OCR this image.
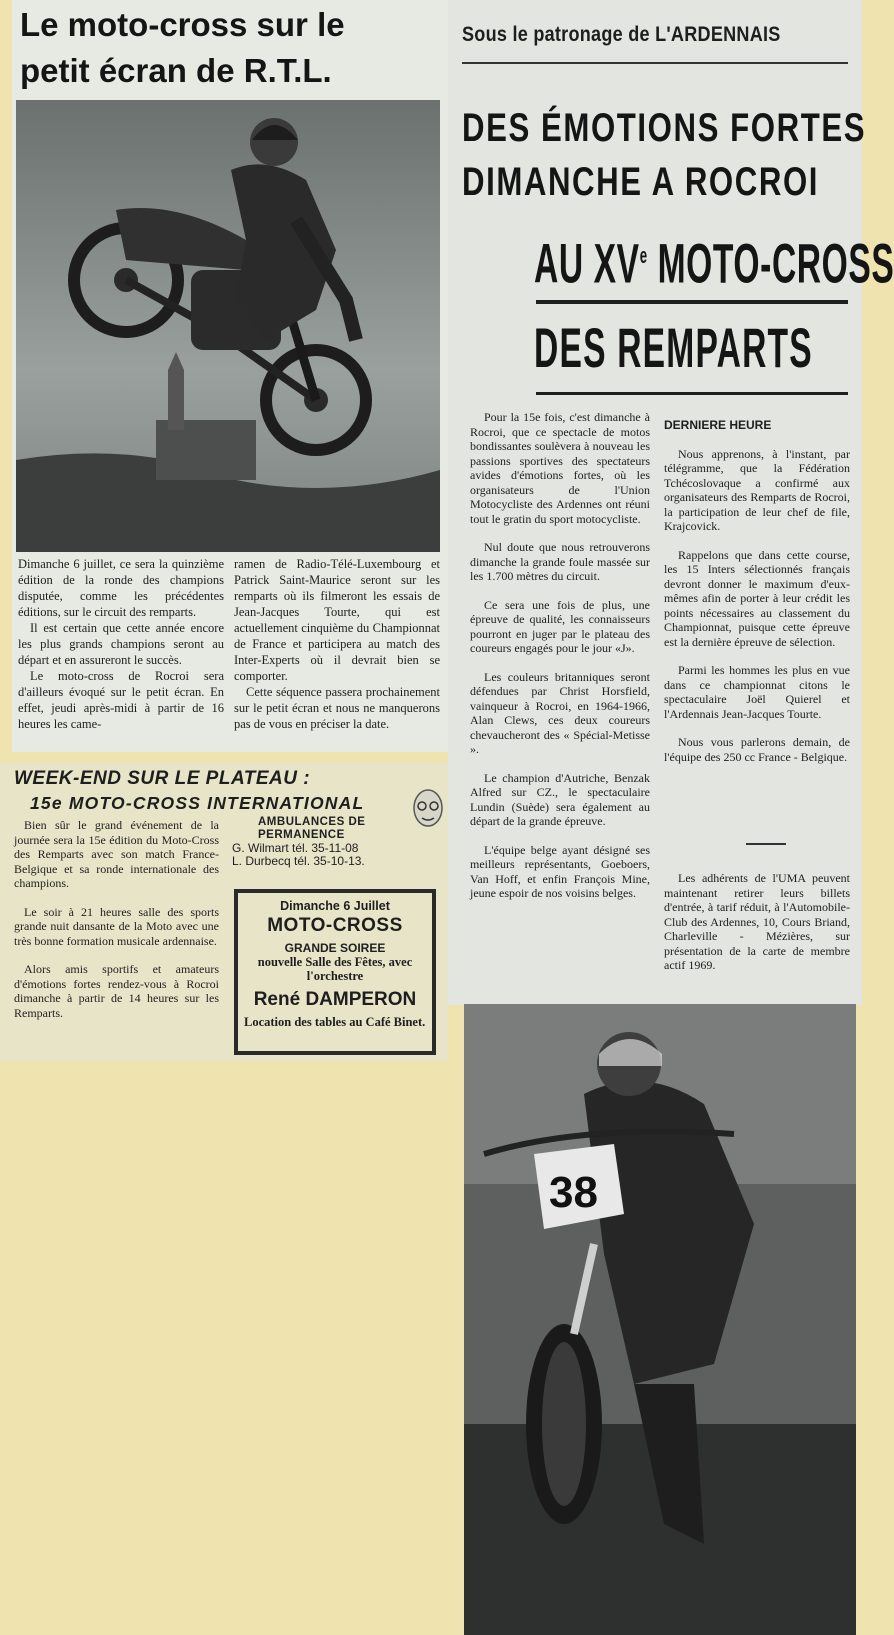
Le moto-cross sur le
petit écran de R.T.L.

Dimanche 6 juillet, ce sera la quinzième édition de la ronde des champions disputée, comme les précédentes éditions, sur le circuit des remparts.

Il est certain que cette année encore les plus grands champions seront au départ et en assureront le succès.

Le moto-cross de Rocroi sera d'ailleurs évoqué sur le petit écran. En effet, jeudi après-midi à partir de 16 heures les came-

ramen de Radio-Télé-Luxembourg et Patrick Saint-Maurice seront sur les remparts où ils filmeront les essais de Jean-Jacques Tourte, qui est actuellement cinquième du Championnat de France et participera au match des Inter-Experts où il devrait bien se comporter.

Cette séquence passera prochainement sur le petit écran et nous ne manquerons pas de vous en préciser la date.

WEEK-END SUR LE PLATEAU :
15e MOTO-CROSS INTERNATIONAL

Bien sûr le grand événement de la journée sera la 15e édition du Moto-Cross des Remparts avec son match France-Belgique et sa ronde internationale des champions.

Le soir à 21 heures salle des sports grande nuit dansante de la Moto avec une très bonne formation musicale ardennaise.

Alors amis sportifs et amateurs d'émotions fortes rendez-vous à Rocroi dimanche à partir de 14 heures sur les Remparts.

AMBULANCES DE PERMANENCE
G. Wilmart tél. 35-11-08
L. Durbecq tél. 35-10-13.
Dimanche 6 Juillet
MOTO-CROSS
GRANDE SOIREE
nouvelle Salle des Fêtes, avec l'orchestre
René DAMPERON
Location des tables au Café Binet.
Sous le patronage de L'ARDENNAIS
DES ÉMOTIONS FORTES
DIMANCHE A ROCROI
AU XVe MOTO-CROSS
DES REMPARTS

Pour la 15e fois, c'est dimanche à Rocroi, que ce spectacle de motos bondissantes soulèvera à nouveau les passions sportives des spectateurs avides d'émotions fortes, où les organisateurs de l'Union Motocycliste des Ardennes ont réuni tout le gratin du sport motocycliste.

Nul doute que nous retrouverons dimanche la grande foule massée sur les 1.700 mètres du circuit.

Ce sera une fois de plus, une épreuve de qualité, les connaisseurs pourront en juger par le plateau des coureurs engagés pour le jour «J».

Les couleurs britanniques seront défendues par Christ Horsfield, vainqueur à Rocroi, en 1964-1966, Alan Clews, ces deux coureurs chevaucheront des « Spécial-Metisse ».

Le champion d'Autriche, Benzak Alfred sur CZ., le spectaculaire Lundin (Suède) sera également au départ de la grande épreuve.

L'équipe belge ayant désigné ses meilleurs représentants, Goeboers, Van Hoff, et enfin François Mine, jeune espoir de nos voisins belges.

DERNIERE HEURE

Nous apprenons, à l'instant, par télégramme, que la Fédération Tchécoslovaque a confirmé aux organisateurs des Remparts de Rocroi, la participation de leur chef de file, Krajcovick.

Rappelons que dans cette course, les 15 Inters sélectionnés français devront donner le maximum d'eux-mêmes afin de porter à leur crédit les points nécessaires au classement du Championnat, puisque cette épreuve est la dernière épreuve de sélection.

Parmi les hommes les plus en vue dans ce championnat citons le spectaculaire Joël Quierel et l'Ardennais Jean-Jacques Tourte.

Nous vous parlerons demain, de l'équipe des 250 cc France - Belgique.

Les adhérents de l'UMA peuvent maintenant retirer leurs billets d'entrée, à tarif réduit, à l'Automobile-Club des Ardennes, 10, Cours Briand, Charleville - Mézières, sur présentation de la carte de membre actif 1969.

38
